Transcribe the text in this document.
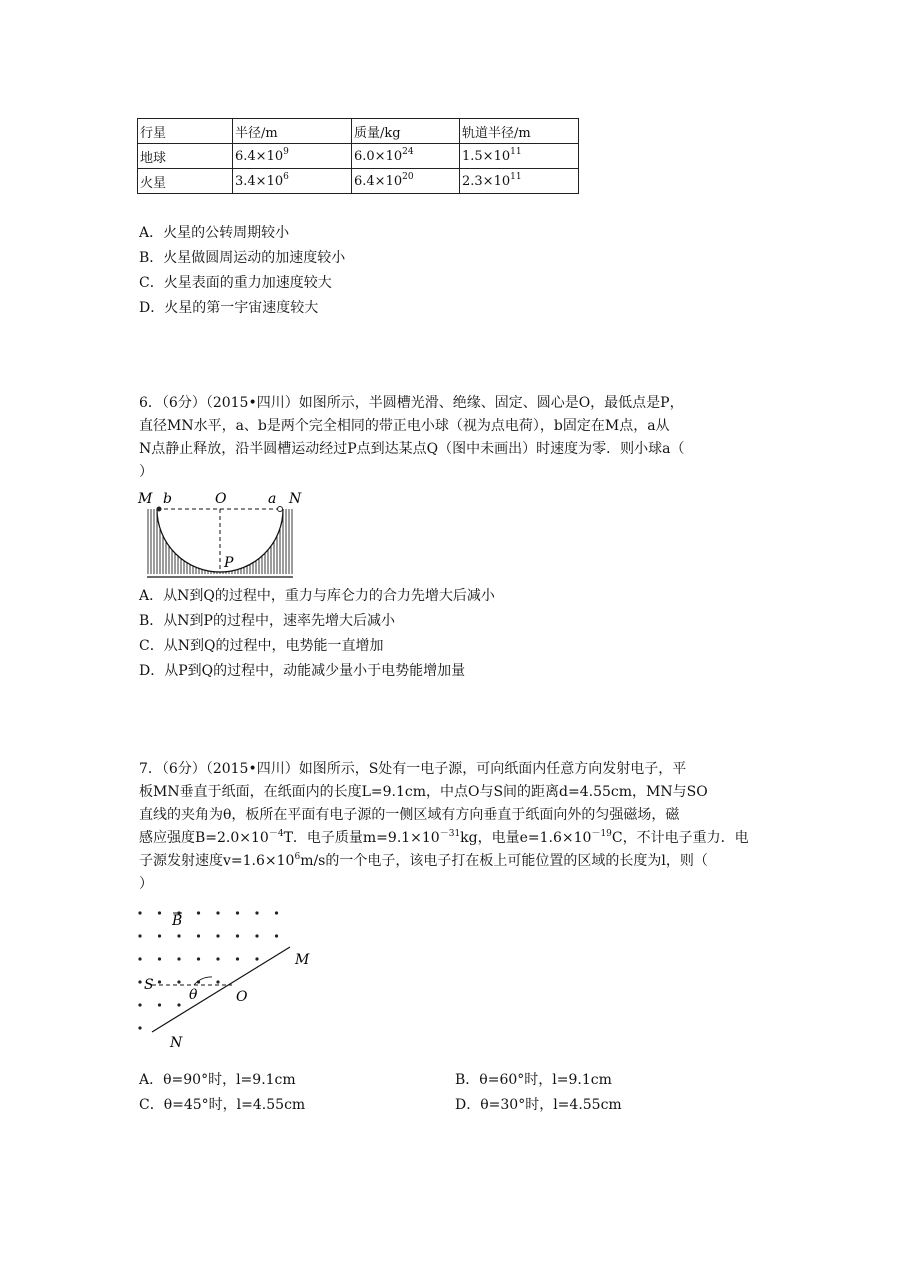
行星	半径/m	质量/kg	轨道半径/m
地球	$6.4\times 10^9$	$6.0\times 10^{24}$	$1.5\times 10^{11}$
火星	$3.4\times 10^6$	$6.4\times 10^{20}$	$2.3\times 10^{11}$
A．火星的公转周期较小
B．火星做圆周运动的加速度较小
C．火星表面的重力加速度较大
D．火星的第一宇宙速度较大
6．（6分）（2015•四川）如图所示，半圆槽光滑、绝缘、固定、圆心是O，最低点是P，
直径MN水平，a、b是两个完全相同的带正电小球（视为点电荷），b固定在M点，a从
N点静止释放，沿半圆槽运动经过P点到达某点Q（图中未画出）时速度为零．则小球a（
）
M b	O	a N
P
A．从N到Q的过程中，重力与库仑力的合力先增大后减小
B．从N到P的过程中，速率先增大后减小
C．从N到Q的过程中，电势能一直增加
D．从P到Q的过程中，动能减少量小于电势能增加量
7．（6分）（2015•四川）如图所示，S处有一电子源，可向纸面内任意方向发射电子，平
板MN垂直于纸面，在纸面内的长度L=9.1cm，中点O与S间的距离d=4.55cm，MN与SO
直线的夹角为θ，板所在平面有电子源的一侧区域有方向垂直于纸面向外的匀强磁场，磁
感应强度$B=2.0\times 10^{-4}T$．电子质量$m=9.1\times 10^{-31}kg$，电量$e=1.6\times 10^{-19}C$，不计电子重力．电
子源发射速度$v=1.6\times 10^6m/s$的一个电子，该电子打在板上可能位置的区域的长度为l，则（
）
B
M
S
θ	O
N
A．θ=90°时，l=9.1cm	B．θ=60°时，l=9.1cm
C．θ=45°时，l=4.55cm	D．θ=30°时，l=4.55cm
